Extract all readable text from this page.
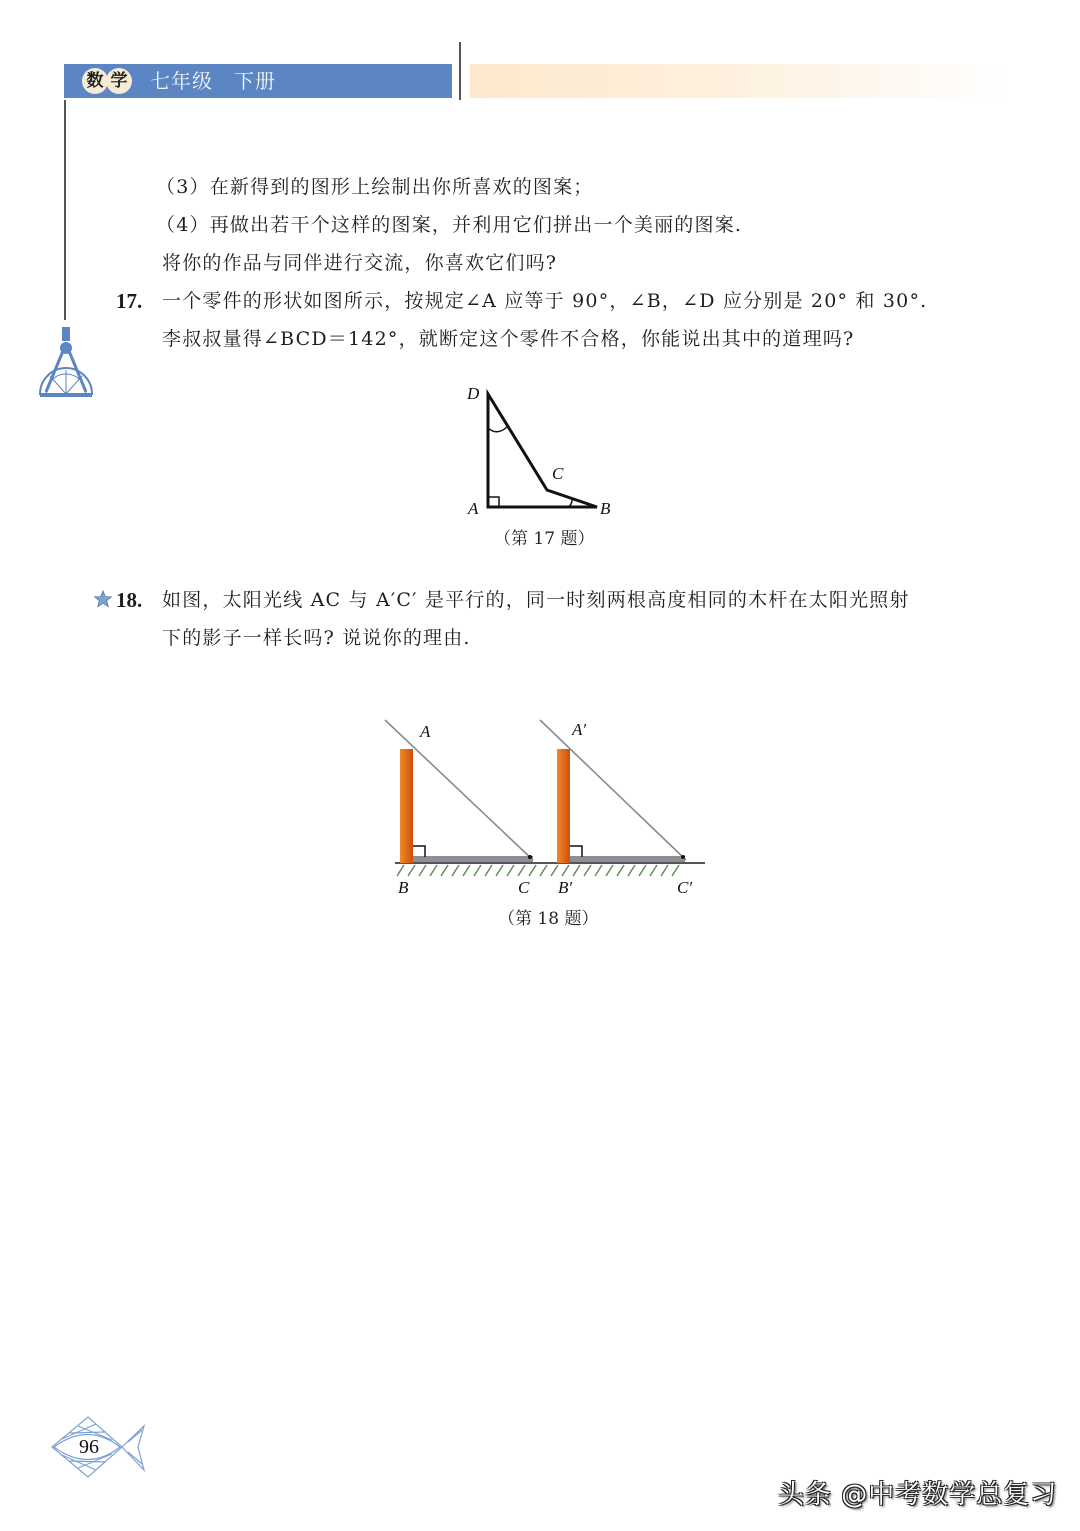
数 学 七年级　下册
（3）在新得到的图形上绘制出你所喜欢的图案；
（4）再做出若干个这样的图案，并利用它们拼出一个美丽的图案.
将你的作品与同伴进行交流，你喜欢它们吗?
17. 一个零件的形状如图所示，按规定∠A 应等于 90°，∠B，∠D 应分别是 20° 和 30°.
李叔叔量得∠BCD＝142°，就断定这个零件不合格，你能说出其中的道理吗?
D
C
A	B
（第 17 题）
18. 如图，太阳光线 AC 与 A′C′ 是平行的，同一时刻两根高度相同的木杆在太阳光照射
下的影子一样长吗? 说说你的理由.
A	A′
B	C B′	C′
（第 18 题）
96
头条 @中考数学总复习
